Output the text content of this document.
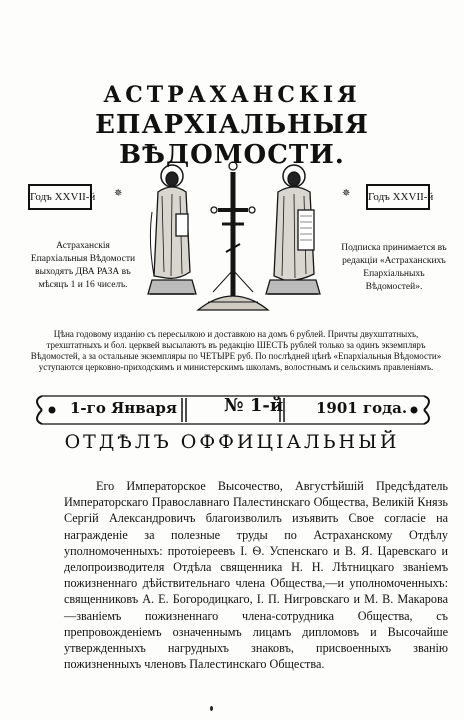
АСТРАХАНСКІЯ
ЕПАРХІАЛЬНЫЯ ВѢДОМОСТИ.
Годъ XXVII-й	Годъ XXVII-й
✵	✵
Астраханскія Епархіальныя Вѣдомости выходятъ ДВА РАЗА въ мѣсяцъ 1 и 16 чиселъ.
Подписка принимается въ редакціи «Астраханскихъ Епархіальныхъ Вѣдомостей».
Цѣна годовому изданію съ пересылкою и доставкою на домъ 6 рублей. Причты двухштатныхъ, трехштатныхъ и бол. церквей высылаютъ въ редакцію ШЕСТЬ рублей только за одинъ экземпляръ Вѣдомостей, а за остальные экземпляры по ЧЕТЫРЕ руб. По послѣдней цѣнѣ «Епархіальныя Вѣдомости» уступаются церковно-приходскимъ и министерскимъ школамъ, волостнымъ и сельскимъ правленіямъ.
1-го Января	№ 1-й 1901 года.
ОТДѢЛЪ ОФФИЦІАЛЬНЫЙ
Его Императорское Высочество, Августѣйшій Предсѣдатель Императорскаго Православнаго Палестинскаго Общества, Великій Князь Сергій Александровичъ благоизволилъ изъявить Свое согласіе на награжденіе за полезные труды по Астраханскому Отдѣлу уполномоченныхъ: протоіереевъ І. Ѳ. Успенскаго и В. Я. Царевскаго и делопроизводителя Отдѣла священника Н. Н. Лѣтницкаго званіемъ пожизненнаго дѣйствительнаго члена Общества,—и уполномоченныхъ: священниковъ А. Е. Богородицкаго, І. П. Нигровскаго и М. В. Макарова—званіемъ пожизненнаго члена-сотрудника Общества, съ препровожденіемъ означеннымъ лицамъ дипломовъ и Высочайше утвержденныхъ нагрудныхъ знаковъ, присвоенныхъ званію пожизненныхъ членовъ Палестинскаго Общества.
